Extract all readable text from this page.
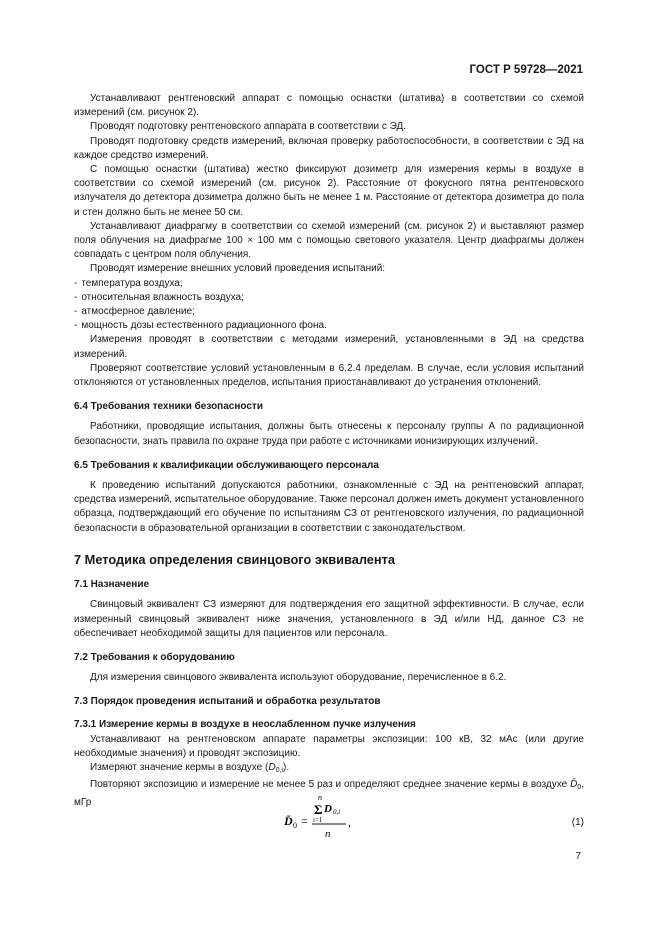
ГОСТ Р 59728—2021

Устанавливают рентгеновский аппарат с помощью оснастки (штатива) в соответствии со схемой измерений (см. рисунок 2).

Проводят подготовку рентгеновского аппарата в соответствии с ЭД.

Проводят подготовку средств измерений, включая проверку работоспособности, в соответствии с ЭД на каждое средство измерений.

С помощью оснастки (штатива) жестко фиксируют дозиметр для измерения кермы в воздухе в соответствии со схемой измерений (см. рисунок 2). Расстояние от фокусного пятна рентгеновского излучателя до детектора дозиметра должно быть не менее 1 м. Расстояние от детектора дозиметра до пола и стен должно быть не менее 50 см.

Устанавливают диафрагму в соответствии со схемой измерений (см. рисунок 2) и выставляют размер поля облучения на диафрагме 100 × 100 мм с помощью светового указателя. Центр диафрагмы должен совпадать с центром поля облучения.

Проводят измерение внешних условий проведения испытаний:

- температура воздуха;

- относительная влажность воздуха;

- атмосферное давление;

- мощность дозы естественного радиационного фона.

Измерения проводят в соответствии с методами измерений, установленными в ЭД на средства измерений.

Проверяют соответствие условий установленным в 6.2.4 пределам. В случае, если условия испытаний отклоняются от установленных пределов, испытания приостанавливают до устранения отклонений.

6.4 Требования техники безопасности

Работники, проводящие испытания, должны быть отнесены к персоналу группы А по радиационной безопасности, знать правила по охране труда при работе с источниками ионизирующих излучений.

6.5 Требования к квалификации обслуживающего персонала

К проведению испытаний допускаются работники, ознакомленные с ЭД на рентгеновский аппарат, средства измерений, испытательное оборудование. Также персонал должен иметь документ установленного образца, подтверждающий его обучение по испытаниям СЗ от рентгеновского излучения, по радиационной безопасности в образовательной организации в соответствии с законодательством.

7 Методика определения свинцового эквивалента
7.1 Назначение

Свинцовый эквивалент СЗ измеряют для подтверждения его защитной эффективности. В случае, если измеренный свинцовый эквивалент ниже значения, установленного в ЭД и/или НД, данное СЗ не обеспечивает необходимой защиты для пациентов или персонала.

7.2 Требования к оборудованию

Для измерения свинцового эквивалента используют оборудование, перечисленное в 6.2.

7.3 Порядок проведения испытаний и обработка результатов
7.3.1 Измерение кермы в воздухе в неослабленном пучке излучения

Устанавливают на рентгеновском аппарате параметры экспозиции: 100 кВ, 32 мАс (или другие необходимые значения) и проводят экспозицию.

Измеряют значение кермы в воздухе $(D_{0,i})$.

Повторяют экспозицию и измерение не менее 5 раз и определяют среднее значение кермы в воздухе $D̄_0$, мГр

D̄ 0 =
n
Σ D 0,i
i=1
n
,	(1)
7
